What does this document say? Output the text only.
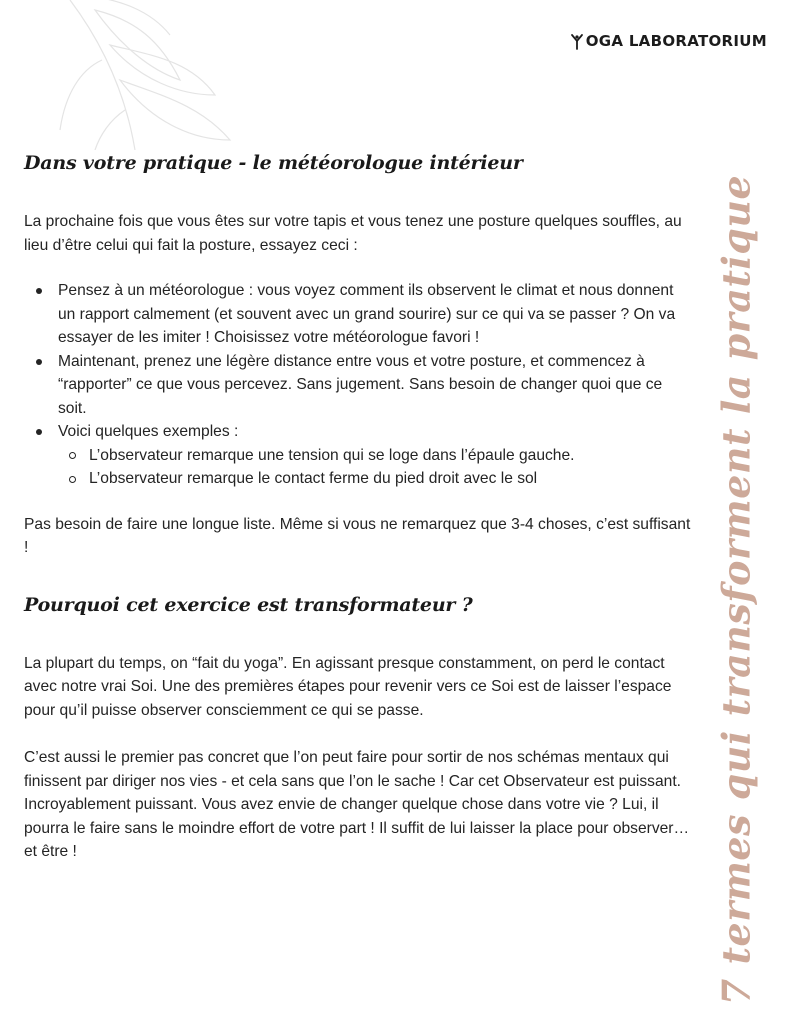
OGA LABORATORIUM
7 termes qui transforment la pratique
Dans votre pratique - le météorologue intérieur

La prochaine fois que vous êtes sur votre tapis et vous tenez une posture quelques souffles, au lieu d’être celui qui fait la posture, essayez ceci :

Pensez à un météorologue : vous voyez comment ils observent le climat et nous donnent un rapport calmement (et souvent avec un grand sourire) sur ce qui va se passer ? On va essayer de les imiter ! Choisissez votre météorologue favori !
Maintenant, prenez une légère distance entre vous et votre posture, et commencez à “rapporter” ce que vous percevez. Sans jugement. Sans besoin de changer quoi que ce soit.
Voici quelques exemples :
L’observateur remarque une tension qui se loge dans l’épaule gauche.
L’observateur remarque le contact ferme du pied droit avec le sol

Pas besoin de faire une longue liste. Même si vous ne remarquez que 3-4 choses, c’est suffisant !

Pourquoi cet exercice est transformateur ?

La plupart du temps, on “fait du yoga”. En agissant presque constamment, on perd le contact avec notre vrai Soi. Une des premières étapes pour revenir vers ce Soi est de laisser l’espace pour qu’il puisse observer consciemment ce qui se passe.

C’est aussi le premier pas concret que l’on peut faire pour sortir de nos schémas mentaux qui finissent par diriger nos vies - et cela sans que l’on le sache ! Car cet Observateur est puissant. Incroyablement puissant. Vous avez envie de changer quelque chose dans votre vie ? Lui, il pourra le faire sans le moindre effort de votre part ! Il suffit de lui laisser la place pour observer… et être !
